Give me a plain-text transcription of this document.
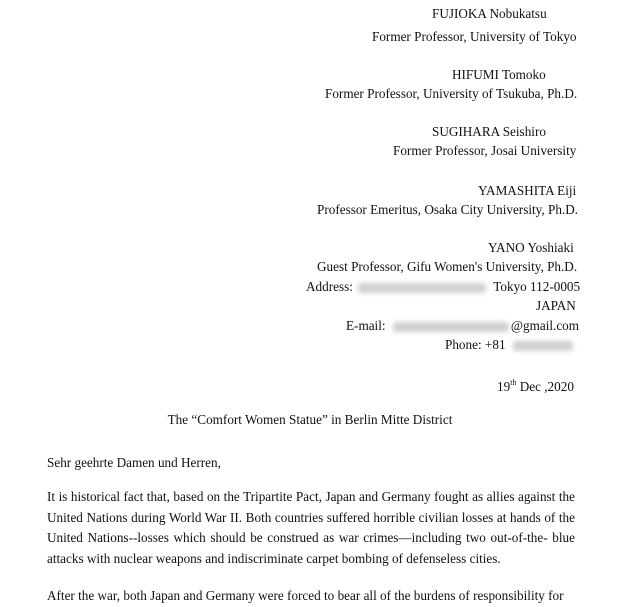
FUJIOKA Nobukatsu
Former Professor, University of Tokyo
HIFUMI Tomoko
Former Professor, University of Tsukuba, Ph.D.
SUGIHARA Seishiro
Former Professor, Josai University
YAMASHITA Eiji
Professor Emeritus, Osaka City University, Ph.D.
YANO Yoshiaki
Guest Professor, Gifu Women's University, Ph.D.
Address:	Tokyo 112-0005
JAPAN
E-mail:	@gmail.com
Phone: +81
19th Dec ,2020
The “Comfort Women Statue” in Berlin Mitte District
Sehr geehrte Damen und Herren,
It is historical fact that, based on the Tripartite Pact, Japan and Germany fought as allies against the United Nations during World War II. Both countries suffered horrible civilian losses at hands of the United Nations--losses which should be construed as war crimes—including two out-of-the- blue attacks with nuclear weapons and indiscriminate carpet bombing of defenseless cities.
After the war, both Japan and Germany were forced to bear all of the burdens of responsibility for
